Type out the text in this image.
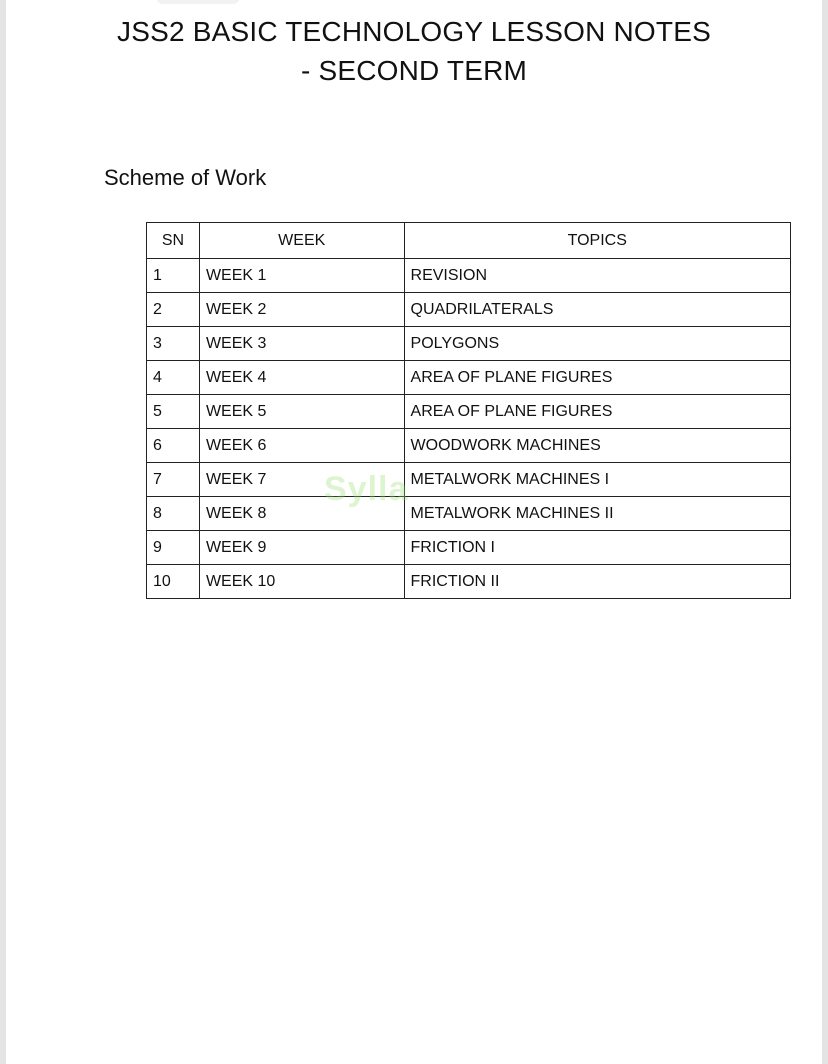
JSS2 BASIC TECHNOLOGY LESSON NOTES
- SECOND TERM
Scheme of Work
SN	WEEK	TOPICS
1	WEEK 1	REVISION
2	WEEK 2	QUADRILATERALS
3	WEEK 3	POLYGONS
4	WEEK 4	AREA OF PLANE FIGURES
5	WEEK 5	AREA OF PLANE FIGURES
6	WEEK 6	WOODWORK MACHINES
7	WEEK 7	METALWORK MACHINES I
8	WEEK 8	METALWORK MACHINES II
9	WEEK 9	FRICTION I
10	WEEK 10	FRICTION II
Sylla
